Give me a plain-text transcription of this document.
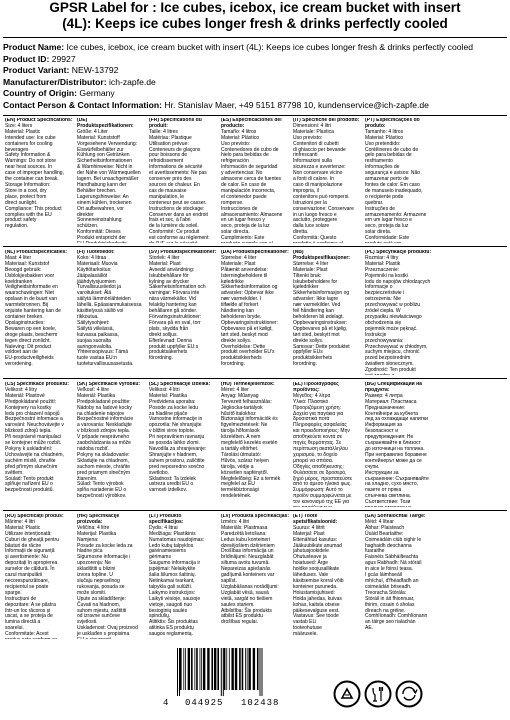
GPSR Label for : Ice cubes, icebox, ice cream bucket with insert
(4L): Keeps ice cubes longer fresh & drinks perfectly cooled
Product Name: Ice cubes, icebox, ice cream bucket with insert (4L): Keeps ice cubes longer fresh & drinks perfectly cooled
Product ID: 29927
Product Variant: NEW-13792
Manufacturer/Distributor: ich-zapfe.de
Country of Origin: Germany
Contact Person & Contact Information: Hr. Stanislav Maer, +49 5151 87798 10, kundenservice@ich-zapfe.de
(EN) Product Specifications:
Size: 4 liters
Material: Plastic
Intended use: Ice cube
containers for cooling
beverages
Safety Information &
Warnings: Do not store
near heat sources. In
case of improper handling,
the container can break.
Storage Information:
Store in a cool, dry
place, protect from
direct sunlight.
Compliance: This product
complies with the EU
product safety
regulation.
(DE) Produktspezifikationen:
Größe: 4 Liter
Material: Kunststoff
Vorgesehene Verwendung:
Eiswürfelbehälter zur
Kühlung von Getränken
Sicherheitsinformationen
& Warnhinweise: Nicht in
der Nähe von Wärmequellen
lagern. Bei unsachgemäßer
Handhabung kann der
Behälter brechen.
Lagerungshinweise: An
einem kühlen, trockenen
Ort aufbewahren, vor
direkter
Sonneneinstrahlung
schützen.
Konformität: Dieses
Produkt entspricht der
(FR) Spécifications du produit:
Taille: 4 litres
Matériau: Plastique
Utilisation prévue:
Conteneurs de glaçons
pour boissons de
refroidissement
Informations de sécurité
et avertissements: Ne pas
conserver près des
sources de chaleur. En
cas de mauvaise
manipulation, le
conteneur peut se casser.
Instructions de stockage:
Conserver dans un endroit
frais et sec, à l'abri
de la lumière du soleil.
Conformité: Ce produit
est conforme au règlement
(ES) Especificaciones del producto:
Tamaño: 4 litros
Material: Plástico
Uso previsto:
Contenedores de cubo de
hielo para bebidas de
refrigeración
Información de seguridad
y advertencias: No
almacene cerca de fuentes
de calor. En caso de
manipulación incorrecta,
el contenedor puede
romperse.
Instrucciones de
almacenamiento: Almacene
en un lugar fresco y
seco, proteja de la luz
solar directa.
Cumplimiento: Este
(IT) Specifiche del prodotto:
Dimensioni: 4 litri
Materiale: Plastica
Uso previsto:
Contenitori di cubetti
di ghiaccio per bevande
rinfrescanti
Informazioni sulla
sicurezza e avvertenze:
Non conservare vicino
a fonti di calore. In
caso di manipolazione
impropria, il
contenitore può rompersi.
Istruzioni per la
conservazione: Conservare
in un luogo fresco e
asciutto, proteggere
dalla luce solare
diretta.
Conformità: Questo
(PT) Especificações do produto:
Tamanho: 4 litros
Material: Plástico
Uso pretendido:
Contêineres de cubo de
gelo para bebidas de
resfriamento
Informações de
segurança e avisos: Não
armazenar perto de
fontes de calor. Em caso
de manuseio inadequado,
o recipiente pode
quebrar.
Instruções de
armazenamento: Armazene
em um lugar fresco e
seco, proteja da luz
solar direta.
Conformidade: Este
(NL) Productspecificaties:
Maat: 4 liter
Materiaal: Kunststof
Beoogd gebruik:
IJsblokjesbakken voor
koeldranken
Veiligheidsinformatie en
waarschuwingen: Niet
opslaan in de buurt van
warmtebronnen. Bij
onjuiste hantering kan de
container breken.
Opslaginstructies:
Bewaren op een koele,
droge plaats, bescherm
tegen direct zonlicht.
Naleving: Dit product
voldoet aan de
EU-productveiligheids
verordening.
(FI) Tuotetiedot:
Koko: 4 litraa
Materiaali: Muovia
Käyttötarkoitus:
Jääpalasäiliöt
jäähdytysjuomien
Turvallisuustiedot ja
varoitukset: Älä
säilytä lämmönlähteiden
lähellä. Epäasianmukaisessa
käsittelyssä säiliö voi
rikkoutua.
Säilytysohjeet:
Säilytä viileässä,
kuivassa paikassa,
suojaa suoralta
auringonvalolta.
Yhteensopivuus: Tämä
tuote vastaa EU:n
tuoteturvallisuusasetusta.
(SV) Produktspecifikationer:
Storlek: 4 liter
Material: Plast
Avsedd användning:
Iskubbehållare för
kylning av drycker
Säkerhetsinformation och
varningar: Förvara inte
nära värmekällor. Vid
felaktig hantering kan
behållaren gå sönder.
Förvaringsinstruktioner:
Förvara på en sval, torr
plats, skydda från
direkt solljus.
Efterlevnad: Denna
produkt uppfyller EU:s
produktsäkerhets
förordning.
(DA) Produktspecifikationer:
Størrelse: 4 liter
Materiale: Plast
Påtænkt anvendelse:
Isterningbeholdere til
køledrikke
Sikkerhedsinformation og
advarsler: Opbevar ikke
nær varmekilder. I
tilfælde af forkert
håndtering kan
beholderen bryde.
Opbevaringsinstruktioner:
Opbevares på et køligt,
tørt sted, beskyt mod
direkte sollys.
Overholdelse: Dette
produkt overholder EU's
produktsikkerheds
forordning.
(NB) Produktspesifikasjoner:
Størrelse: 4 liter
Materiale: Plast
Tiltenkt bruk:
Iskubebeholdere for
kjøledrikker
Sikkerhetsinformasjon og
advarsler: Ikke lagre
nær varmekilder. Ved
feil håndtering kan
beholderen bli ødelagt.
Oppbevaringsinstrukser:
Oppbevares på et kjølig,
tørt sted, beskytt mot
direkte sollys.
Samsvar: Dette produktet
oppfyller EUs
produktsikkerhets
forordning.
(PL) Specyfikacje produktu:
Rozmiar: 4 litry
Materiał: Plastik
Przeznaczenie:
Pojemniki na kostki
lodu do napojów chłodzących
Informacje o
bezpieczeństwie i
ostrzeżenia: Nie
przechowywać w pobliżu
źródeł ciepła. W
przypadku niewłaściwego
obchodzenia się
pojemnik może pęknąć.
Instrukcje
przechowywania:
Przechowywać w chłodnym,
suchym miejscu, chronić
przed bezpośrednim
światłem słonecznym.
Zgodność: Ten produkt
(CS) Specifikace produktu:
Velikost: 4 litry
Materiál: Plastové
Předpokládané použití:
Kontejnery na kostky
ledu pro chlazení nápojů
Bezpečnostní informace a
varování: Neuchovávejte v
blízkosti zdrojů tepla.
Při nesprávné manipulaci
se kontejner může rozbít.
Pokyny k uskladnění:
Uchovávejte na chladném,
suchém místě, chraňte
před přímým slunečním
světlem.
Soulad: Tento produkt
splňuje nařízení EU o
bezpečnosti produktů.
(SK) Špecifikácie výrobku:
Veľkosť: 4 litre
Materiál: Plastika
Predpokladané použitie:
Nádoby na ľadové kocky
na chladenie nápojov
Bezpečnostné informácie
a varovania: Neskladujte
v blízkosti zdrojov tepla.
V prípade nesprávneho
zaobchádzania sa môže
nádoba rozbiť.
Pokyny na skladovanie:
Skladujte na chladnom,
suchom mieste, chráňte
pred priamym slnečným
žiarením.
Súlad: Tento výrobok
spĺňa nariadenie EÚ o
bezpečnosti výrobkov.
(SL) Specifikacije izdelka:
Velikost: 4 litri
Material: Plastika
Predvidena uporaba:
Posode za kocke ledu
za hladilne pijače
Varnostne informacije in
opozorila: Ne shranjujte
v bližini virov toplote.
Pri nepravilnem ravnanju
se posoda lahko zlomi.
Navodila za shranjevanje:
Shranjujte v hladnem,
suhem prostoru, zaščitite
pred neposredno sončno
svetlobo.
Skladnost: Ta izdelek
ustreza uredbi EU o
varnosti izdelkov.
(HU) Termékjellemzők:
Méret: 4 liter
Anyag: Műanyag
Tervezett felhasználás:
Jégkocka-tartályok
hűsítő italokhoz
Biztonsági információk és
figyelmeztetések: Ne
tárolja hőforrások
közelében. A nem
megfelelő kezelés esetén
a tartály eltörhet.
Tárolási útmutató:
Hűvös, száraz helyen
tárolja, védje a
közvetlen napfénytől.
Megfelelőség: Ez a termék
megfelel az EU
termékbiztonsági
rendeletének.
(EL) Προδιαγραφές προϊόντος:
Μέγεθος: 4 λίτρα
Υλικό: Πλαστικό
Προοριζόμενη χρήση:
Δοχεία για παγάκια για
δροσιστικά ποτά
Πληροφορίες ασφαλείας
και προειδοποιήσεις: Μην
αποθηκεύετε κοντά σε
πηγές θερμότητας. Σε
περίπτωση ακατάλληλου
χειρισμού, το δοχείο
μπορεί να σπάσει.
Οδηγίες αποθήκευσης:
Φυλάσσετε σε δροσερό,
ξηρό μέρος, προστατεύστε
από το άμεσο ηλιακό φως.
Συμμόρφωση: Αυτό το
προϊόν συμμορφώνεται με
τον κανονισμό της ΕΕ για
(BG) Спецификации на продукта:
Размер: 4 литра
Материал: Пластмаса
Предназначение:
Контейнери за кубчета
лед за охлаждащи напитки
Информация за
безопасност и
предупреждения: Не
съхранявайте в близост
до източници на топлина.
При неправилно боравене
контейнерът може да се
счупи.
Инструкции за
съхранение: Съхранявайте
на хладно, сухо място,
пазете от пряка
слънчева светлина.
Съответствие: Този
(RO) Specificații produs:
Mărime: 4 litri
Material: Plastic
Utilizare intenționată:
Cuburi de gheață pentru
băuturi de răcire
Informații de siguranță
și avertismente: Nu
depozitați în apropierea
surselor de căldură. În
cazul manipulării
necorespunzătoare,
recipientul se poate
sparge.
Instrucțiuni de
depozitare: A se păstra
într-un loc răcoros și
uscat, a se proteja de
lumina directă a
soarelui.
Conformitate: Acest
(HR) Specifikacije proizvoda:
Veličina: 4 litre
Materijal: Plastika
Namjena:
Posude za kocke leda za
hladne pića
Sigurnosne informacije i
upozorenja: Ne
skladištiti u blizini
izvora topline. U
slučaju nepravilnog
rukovanja, posuda se
može slomiti.
Upute za skladištenje:
Čuvati na hladnom,
suhom mjestu, zaštititi
od izravne sunčeve
svjetlosti.
Usklađenost: Ovaj proizvod
je usklađen s propisima
(LT) Produkto specifikacijos:
Dydis: 4 litrai
Medžiaga: Plastikinis
Numatomas naudojimas:
Ledo kubų talpyklos
gaivinamiesiems
gėrimams
Saugumo informacija ir
įspėjimai: Nelaikykite
šalia šilumos šaltinių.
Netinkamai tvarkant,
talpykla gali sulūžti.
Laikymo instrukcijos:
Laikyti vėsioje, sausoje
vietoje, saugoti nuo
tiesioginių saulės
spindulių.
Atitiktis: Šis produktas
atitinka ES produktų
saugos reglamentą.
(LV) Produkta specifikācijas:
Izmērs: 4 litri
Materiāls: Plastmasa
Paredzētā lietošana:
Ledus kubu konteineri
dzesējošiem dzērieniem
Drošības informācija un
brīdinājumi: Neuzglabāt
siltuma avotu tuvumā.
Nepareizas apiešanās
gadījumā konteiners var
saplīst.
Uzglabāšanas norādījumi:
Uzglabāt vēsā, sausā
vietā, sargāt no tiešiem
saules stariem.
Atbilstība: Šis produkts
atbilst ES produktu
drošības regulai.
(ET) Toote spetsifikatsioonid:
Suurus: 4 liitrit
Materjal: Plast
Ettenähtud kasutus:
Jääkuubikute anumad
jahutusjookidele
Ohutusteave ja
hoiatused: Ärge
hoidke soojusallikate
läheduses. Vale
käsitsemise korral võib
konteiner puruneda.
Hoiustamisjuhised:
Hoida jahedas, kuivas
kohas, kaitsta otsese
päikesevalguse eest.
Vastavus: See toode
vastab ELi
tooteohutuse
määrusele.
(GA) Sonraíochtaí Táirge:
Méid: 4 lítear
Ábhar: Plaisteach
Úsáid Beartaithe:
Coimeádáin ciúb oighir le
haghaidh deochanna
fuaraithe
Faisnéis Sábháilteachta
agus Rabhadh: Ná stóráil
in aice le foinsí teasa.
I gcás láimhseáil
mhíchuí, d'fhéadfadh an
coimeádán briseadh.
Treoracha Stórála:
Stóráil in áit fhionnuar,
thirim, cosain ó sholas
díreach na gréine.
Comhlíonadh: Comhlíonann
an táirge seo rialachán
AE.
4 044925 102438
